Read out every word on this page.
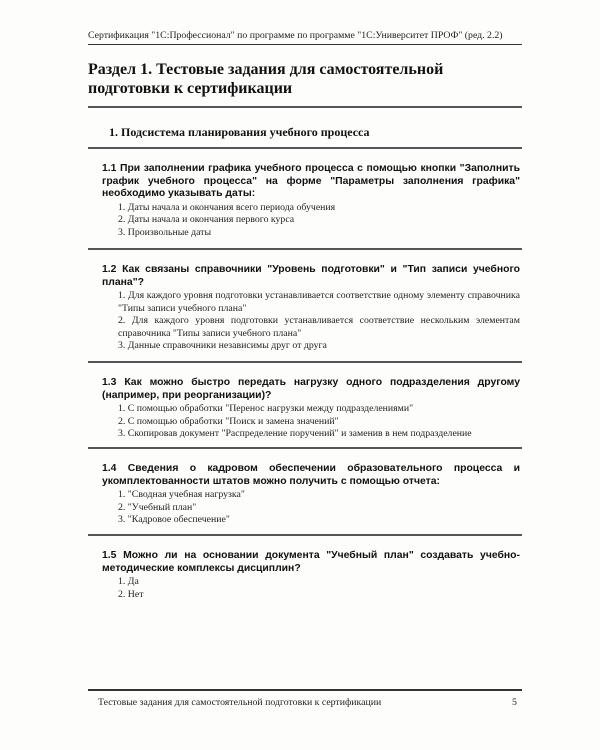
Сертификация "1С:Профессионал" по программе по программе "1С:Университет ПРОФ" (ред. 2.2)
Раздел 1. Тестовые задания для самостоятельной подготовки к сертификации
1. Подсистема планирования учебного процесса

1.1 При заполнении графика учебного процесса с помощью кнопки "Заполнить график учебного процесса" на форме "Параметры заполнения графика" необходимо указывать даты:

1. Даты начала и окончания всего периода обучения
2. Даты начала и окончания первого курса
3. Произвольные даты

1.2 Как связаны справочники "Уровень подготовки" и "Тип записи учебного плана"?

1. Для каждого уровня подготовки устанавливается соответствие одному элементу справочника "Типы записи учебного плана"
2. Для каждого уровня подготовки устанавливается соответствие нескольким элементам справочника "Типы записи учебного плана"
3. Данные справочники независимы друг от друга

1.3 Как можно быстро передать нагрузку одного подразделения другому (например, при реорганизации)?

1. С помощью обработки "Перенос нагрузки между подразделениями"
2. С помощью обработки "Поиск и замена значений"
3. Скопировав документ "Распределение поручений" и заменив в нем подразделение

1.4 Сведения о кадровом обеспечении образовательного процесса и укомплектованности штатов можно получить с помощью отчета:

1. "Сводная учебная нагрузка"
2. "Учебный план"
3. "Кадровое обеспечение"

1.5 Можно ли на основании документа "Учебный план" создавать учебно-методические комплексы дисциплин?

1. Да
2. Нет
Тестовые задания для самостоятельной подготовки к сертификации	5
